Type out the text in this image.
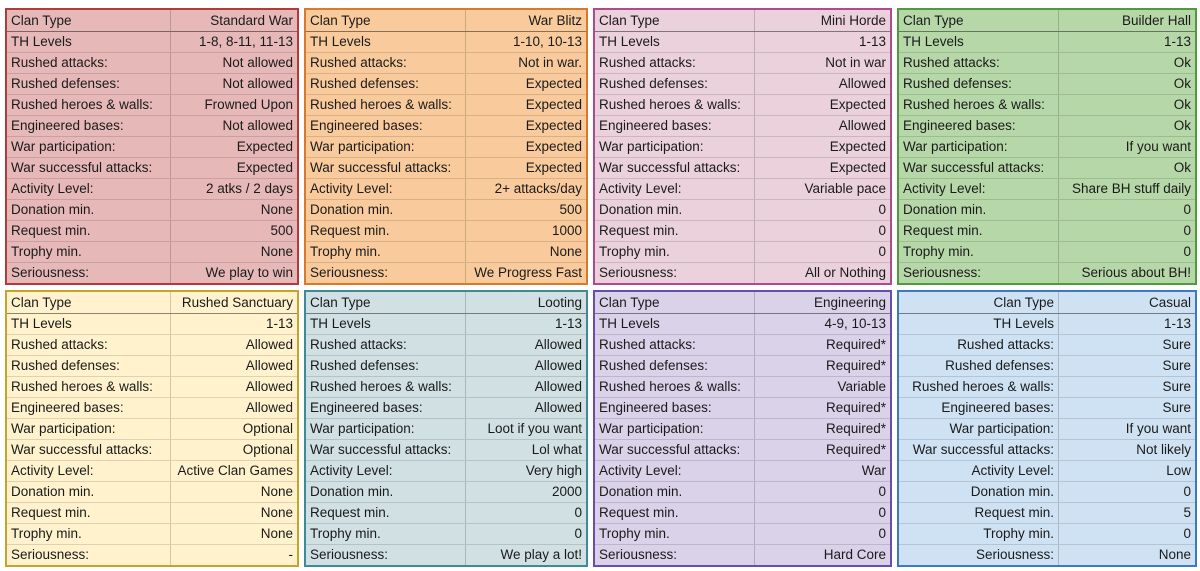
Clan Type	Standard War
TH Levels	1-8, 8-11, 11-13
Rushed attacks:	Not allowed
Rushed defenses:	Not allowed
Rushed heroes & walls:	Frowned Upon
Engineered bases:	Not allowed
War participation:	Expected
War successful attacks:	Expected
Activity Level:	2 atks / 2 days
Donation min.	None
Request min.	500
Trophy min.	None
Seriousness:	We play to win
Clan Type	War Blitz
TH Levels	1-10, 10-13
Rushed attacks:	Not in war.
Rushed defenses:	Expected
Rushed heroes & walls:	Expected
Engineered bases:	Expected
War participation:	Expected
War successful attacks:	Expected
Activity Level:	2+ attacks/day
Donation min.	500
Request min.	1000
Trophy min.	None
Seriousness:	We Progress Fast
Clan Type	Mini Horde
TH Levels	1-13
Rushed attacks:	Not in war
Rushed defenses:	Allowed
Rushed heroes & walls:	Expected
Engineered bases:	Allowed
War participation:	Expected
War successful attacks:	Expected
Activity Level:	Variable pace
Donation min.	0
Request min.	0
Trophy min.	0
Seriousness:	All or Nothing
Clan Type	Builder Hall
TH Levels	1-13
Rushed attacks:	Ok
Rushed defenses:	Ok
Rushed heroes & walls:	Ok
Engineered bases:	Ok
War participation:	If you want
War successful attacks:	Ok
Activity Level:	Share BH stuff daily
Donation min.	0
Request min.	0
Trophy min.	0
Seriousness:	Serious about BH!
Clan Type	Rushed Sanctuary
TH Levels	1-13
Rushed attacks:	Allowed
Rushed defenses:	Allowed
Rushed heroes & walls:	Allowed
Engineered bases:	Allowed
War participation:	Optional
War successful attacks:	Optional
Activity Level:	Active Clan Games
Donation min.	None
Request min.	None
Trophy min.	None
Seriousness:	-
Clan Type	Looting
TH Levels	1-13
Rushed attacks:	Allowed
Rushed defenses:	Allowed
Rushed heroes & walls:	Allowed
Engineered bases:	Allowed
War participation:	Loot if you want
War successful attacks:	Lol what
Activity Level:	Very high
Donation min.	2000
Request min.	0
Trophy min.	0
Seriousness:	We play a lot!
Clan Type	Engineering
TH Levels	4-9, 10-13
Rushed attacks:	Required*
Rushed defenses:	Required*
Rushed heroes & walls:	Variable
Engineered bases:	Required*
War participation:	Required*
War successful attacks:	Required*
Activity Level:	War
Donation min.	0
Request min.	0
Trophy min.	0
Seriousness:	Hard Core
Clan Type	Casual
TH Levels	1-13
Rushed attacks:	Sure
Rushed defenses:	Sure
Rushed heroes & walls:	Sure
Engineered bases:	Sure
War participation:	If you want
War successful attacks:	Not likely
Activity Level:	Low
Donation min.	0
Request min.	5
Trophy min.	0
Seriousness:	None
